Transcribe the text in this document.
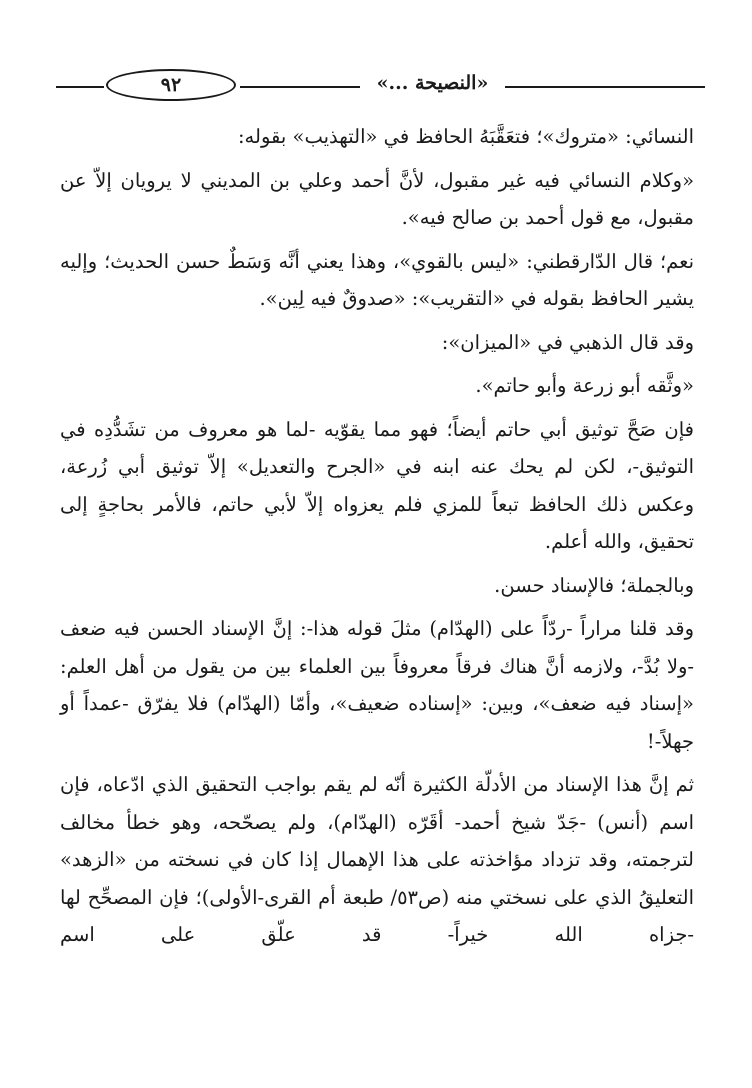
٩٢	«النصيحة ...»

النسائي: «متروك»؛ فتعَقَّبَهُ الحافظ في «التهذيب» بقوله:

«وكلام النسائي فيه غير مقبول، لأنَّ أحمد وعلي بن المديني لا يرويان إلاّ عن مقبول، مع قول أحمد بن صالح فيه».

نعم؛ قال الدّارقطني: «ليس بالقوي»، وهذا يعني أنَّه وَسَطٌ حسن الحديث؛ وإليه يشير الحافظ بقوله في «التقريب»: «صدوقٌ فيه لِين».

وقد قال الذهبي في «الميزان»:

«وثَّقه أبو زرعة وأبو حاتم».

فإن صَحَّ توثيق أبي حاتم أيضاً؛ فهو مما يقوّيه -لما هو معروف من تشَدُّدِه في التوثيق-، لكن لم يحك عنه ابنه في «الجرح والتعديل» إلاّ توثيق أبي زُرعة، وعكس ذلك الحافظ تبعاً للمزي فلم يعزواه إلاّ لأبي حاتم، فالأمر بحاجةٍ إلى تحقيق، والله أعلم.

وبالجملة؛ فالإسناد حسن.

وقد قلنا مراراً -ردّاً على (الهدّام) مثلَ قوله هذا-: إنَّ الإسناد الحسن فيه ضعف -ولا بُدَّ-، ولازمه أنَّ هناك فرقاً معروفاً بين العلماء بين من يقول من أهل العلم: «إسناد فيه ضعف»، وبين: «إسناده ضعيف»، وأمّا (الهدّام) فلا يفرّق -عمداً أو جهلاً-!

ثم إنَّ هذا الإسناد من الأدلّة الكثيرة أنّه لم يقم بواجب التحقيق الذي ادّعاه، فإن اسم (أنس) -جَدّ شيخ أحمد- أقَرّه (الهدّام)، ولم يصحّحه، وهو خطأ مخالف لترجمته، وقد تزداد مؤاخذته على هذا الإهمال إذا كان في نسخته من «الزهد» التعليقُ الذي على نسختي منه (ص٥٣/ طبعة أم القرى-الأولى)؛ فإن المصحِّح لها -جزاه الله خيراً- قد علّق على اسم
